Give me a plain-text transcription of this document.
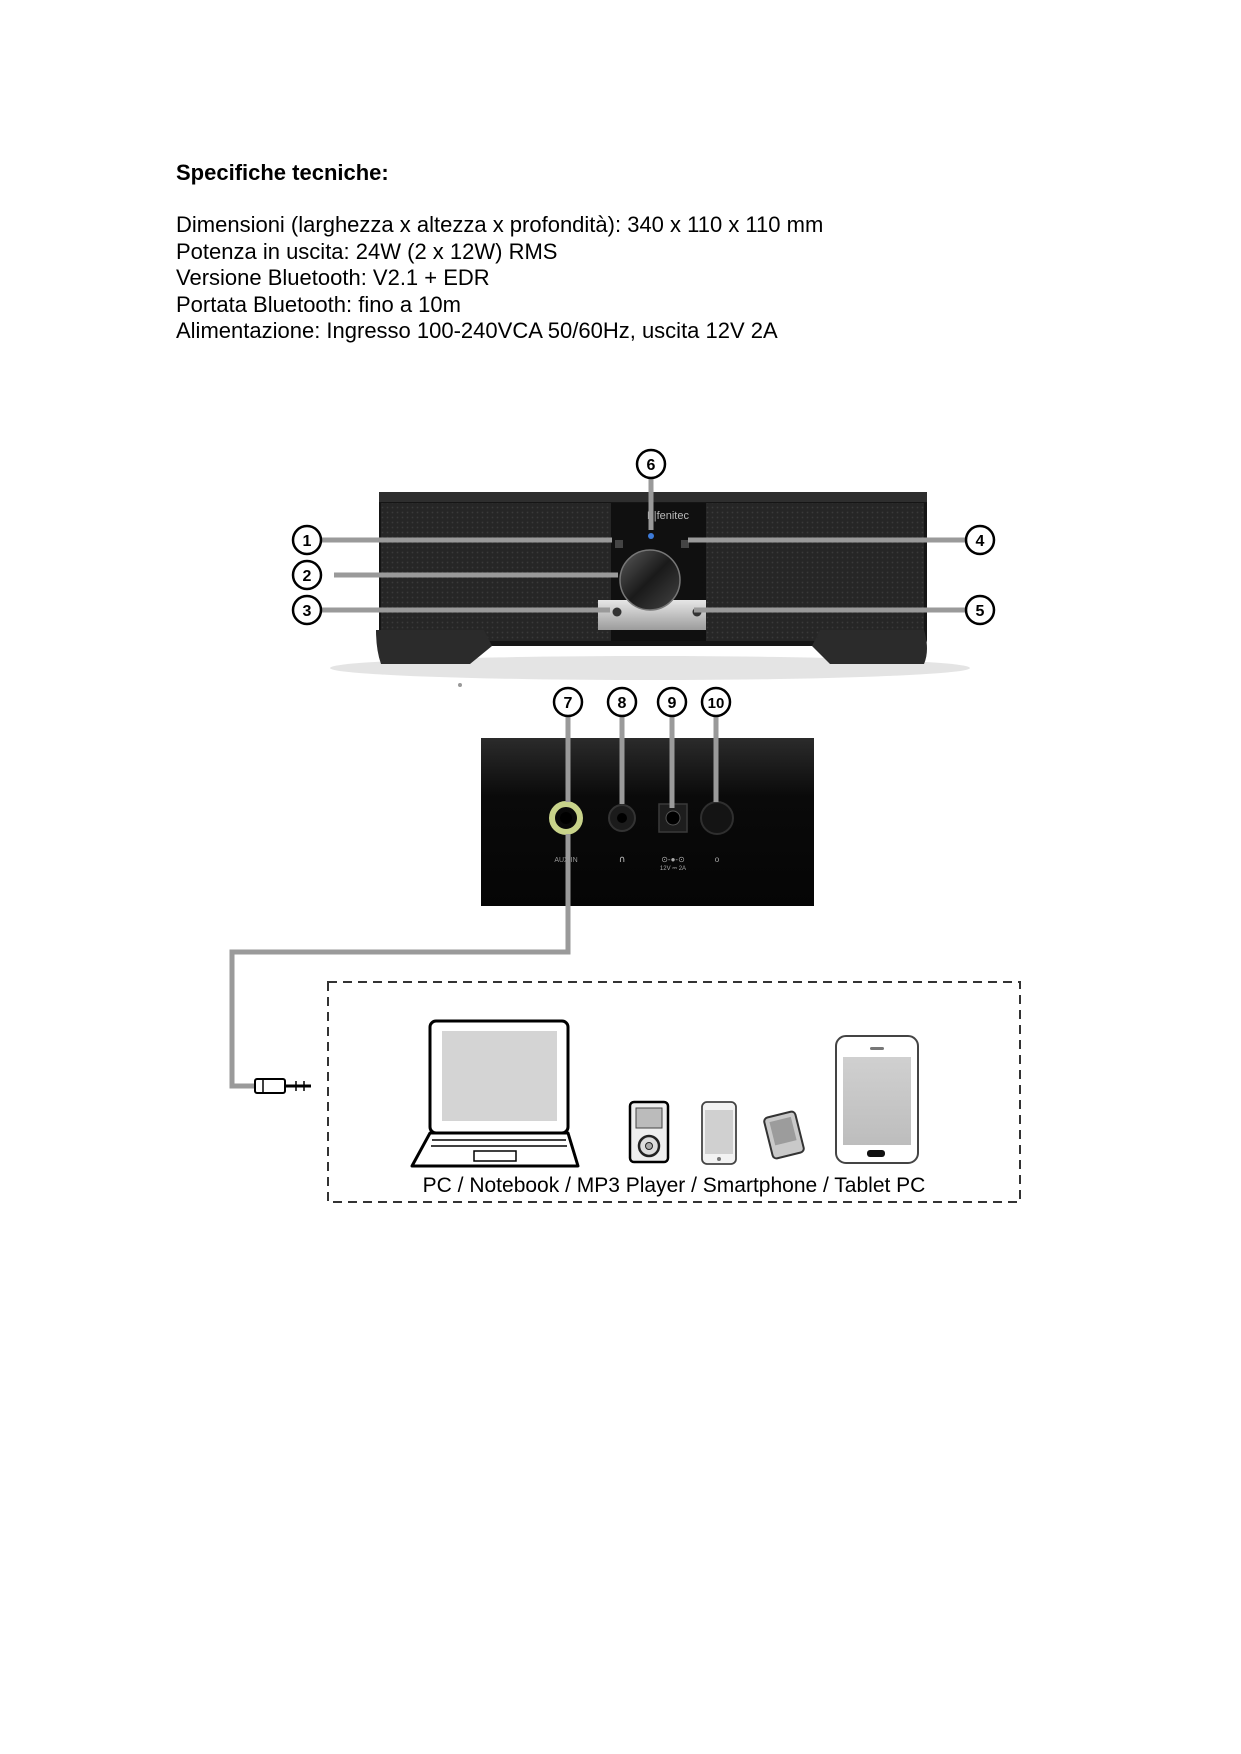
Specifiche tecniche:
Dimensioni (larghezza x altezza x profondità): 340 x 110 x 110 mm
Potenza in uscita: 24W (2 x 12W) RMS
Versione Bluetooth: V2.1 + EDR
Portata Bluetooth: fino a 10m
Alimentazione: Ingresso 100-240VCA 50/60Hz, uscita 12V 2A
F|fenitec
1
2
3
4
5
6
AUX IN	∩	⊙-●-⊙
12V ⎓ 2A
o
7	8	9 10
PC / Notebook / MP3 Player / Smartphone / Tablet PC
